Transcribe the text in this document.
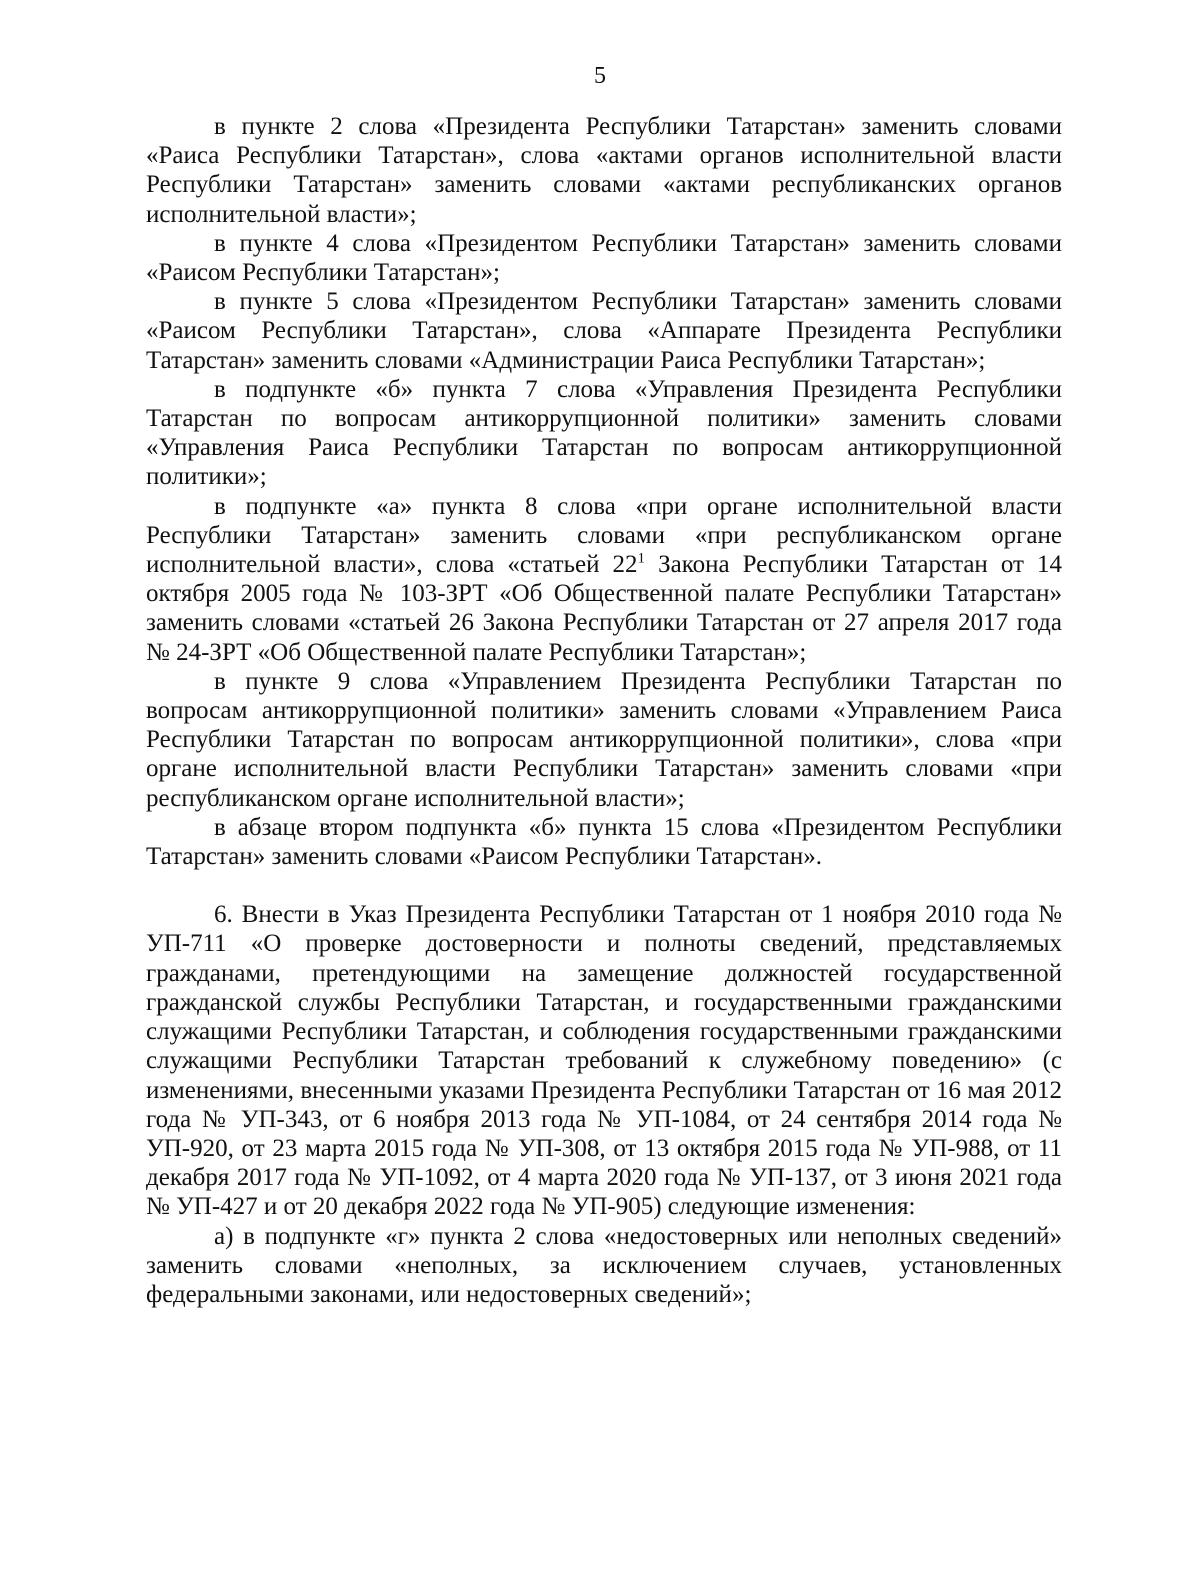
5

в пункте 2 слова «Президента Республики Татарстан» заменить словами «Раиса Республики Татарстан», слова «актами органов исполнительной власти Республики Татарстан» заменить словами «актами республиканских органов исполнительной власти»;

в пункте 4 слова «Президентом Республики Татарстан» заменить словами «Раисом Республики Татарстан»;

в пункте 5 слова «Президентом Республики Татарстан» заменить словами «Раисом Республики Татарстан», слова «Аппарате Президента Республики Татарстан» заменить словами «Администрации Раиса Республики Татарстан»;

в подпункте «б» пункта 7 слова «Управления Президента Республики Татарстан по вопросам антикоррупционной политики» заменить словами «Управления Раиса Республики Татарстан по вопросам антикоррупционной политики»;

в подпункте «а» пункта 8 слова «при органе исполнительной власти Республики Татарстан» заменить словами «при республиканском органе исполнительной власти», слова «статьей $22^1$ Закона Республики Татарстан от 14 октября 2005 года № 103-ЗРТ «Об Общественной палате Республики Татарстан» заменить словами «статьей 26 Закона Республики Татарстан от 27 апреля 2017 года № 24-ЗРТ «Об Общественной палате Республики Татарстан»;

в пункте 9 слова «Управлением Президента Республики Татарстан по вопросам антикоррупционной политики» заменить словами «Управлением Раиса Республики Татарстан по вопросам антикоррупционной политики», слова «при органе исполнительной власти Республики Татарстан» заменить словами «при республиканском органе исполнительной власти»;

в абзаце втором подпункта «б» пункта 15 слова «Президентом Республики Татарстан» заменить словами «Раисом Республики Татарстан».

6. Внести в Указ Президента Республики Татарстан от 1 ноября 2010 года № УП-711 «О проверке достоверности и полноты сведений, представляемых гражданами, претендующими на замещение должностей государственной гражданской службы Республики Татарстан, и государственными гражданскими служащими Республики Татарстан, и соблюдения государственными гражданскими служащими Республики Татарстан требований к служебному поведению» (с изменениями, внесенными указами Президента Республики Татарстан от 16 мая 2012 года № УП-343, от 6 ноября 2013 года № УП-1084, от 24 сентября 2014 года № УП-920, от 23 марта 2015 года № УП-308, от 13 октября 2015 года № УП-988, от 11 декабря 2017 года № УП-1092, от 4 марта 2020 года № УП-137, от 3 июня 2021 года № УП-427 и от 20 декабря 2022 года № УП-905) следующие изменения:

а) в подпункте «г» пункта 2 слова «недостоверных или неполных сведений» заменить словами «неполных, за исключением случаев, установленных федеральными законами, или недостоверных сведений»;
